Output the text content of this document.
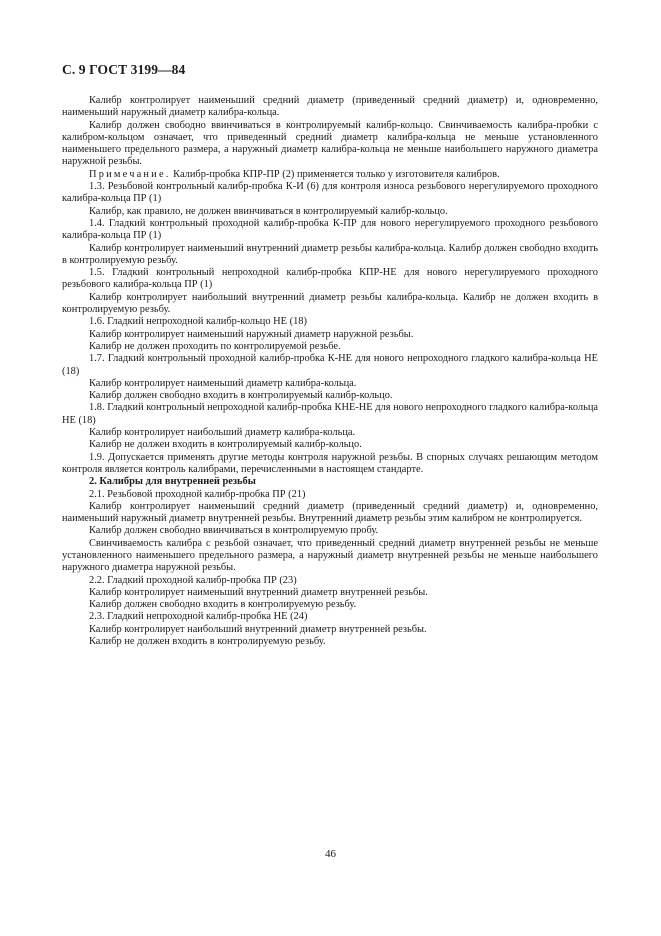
С. 9 ГОСТ 3199—84

Калибр контролирует наименьший средний диаметр (приведенный средний диаметр) и, одновременно, наименьший наружный диаметр калибра-кольца.

Калибр должен свободно ввинчиваться в контролируемый калибр-кольцо. Свинчиваемость калибра-пробки с калибром-кольцом означает, что приведенный средний диаметр калибра-кольца не меньше установленного наименьшего предельного размера, а наружный диаметр калибра-кольца не меньше наибольшего наружного диаметра наружной резьбы.

Примечание. Калибр-пробка КПР-ПР (2) применяется только у изготовителя калибров.

1.3. Резьбовой контрольный калибр-пробка К-И (6) для контроля износа резьбового нерегулируемого проходного калибра-кольца ПР (1)

Калибр, как правило, не должен ввинчиваться в контролируемый калибр-кольцо.

1.4. Гладкий контрольный проходной калибр-пробка К-ПР для нового нерегулируемого проходного резьбового калибра-кольца ПР (1)

Калибр контролирует наименьший внутренний диаметр резьбы калибра-кольца. Калибр должен свободно входить в контролируемую резьбу.

1.5. Гладкий контрольный непроходной калибр-пробка КПР-НЕ для нового нерегулируемого проходного резьбового калибра-кольца ПР (1)

Калибр контролирует наибольший внутренний диаметр резьбы калибра-кольца. Калибр не должен входить в контролируемую резьбу.

1.6. Гладкий непроходной калибр-кольцо НЕ (18)

Калибр контролирует наименьший наружный диаметр наружной резьбы.

Калибр не должен проходить по контролируемой резьбе.

1.7. Гладкий контрольный проходной калибр-пробка К-НЕ для нового непроходного гладкого калибра-кольца НЕ (18)

Калибр контролирует наименьший диаметр калибра-кольца.

Калибр должен свободно входить в контролируемый калибр-кольцо.

1.8. Гладкий контрольный непроходной калибр-пробка КНЕ-НЕ для нового непроходного гладкого калибра-кольца НЕ (18)

Калибр контролирует наибольший диаметр калибра-кольца.

Калибр не должен входить в контролируемый калибр-кольцо.

1.9. Допускается применять другие методы контроля наружной резьбы. В спорных случаях решающим методом контроля является контроль калибрами, перечисленными в настоящем стандарте.

2. Калибры для внутренней резьбы

2.1. Резьбовой проходной калибр-пробка ПР (21)

Калибр контролирует наименьший средний диаметр (приведенный средний диаметр) и, одновременно, наименьший наружный диаметр внутренней резьбы. Внутренний диаметр резьбы этим калибром не контролируется.

Калибр должен свободно ввинчиваться в контролируемую пробу.

Свинчиваемость калибра с резьбой означает, что приведенный средний диаметр внутренней резьбы не меньше установленного наименьшего предельного размера, а наружный диаметр внутренней резьбы не меньше наибольшего наружного диаметра наружной резьбы.

2.2. Гладкий проходной калибр-пробка ПР (23)

Калибр контролирует наименьший внутренний диаметр внутренней резьбы.

Калибр должен свободно входить в контролируемую резьбу.

2.3. Гладкий непроходной калибр-пробка НЕ (24)

Калибр контролирует наибольший внутренний диаметр внутренней резьбы.

Калибр не должен входить в контролируемую резьбу.

46
